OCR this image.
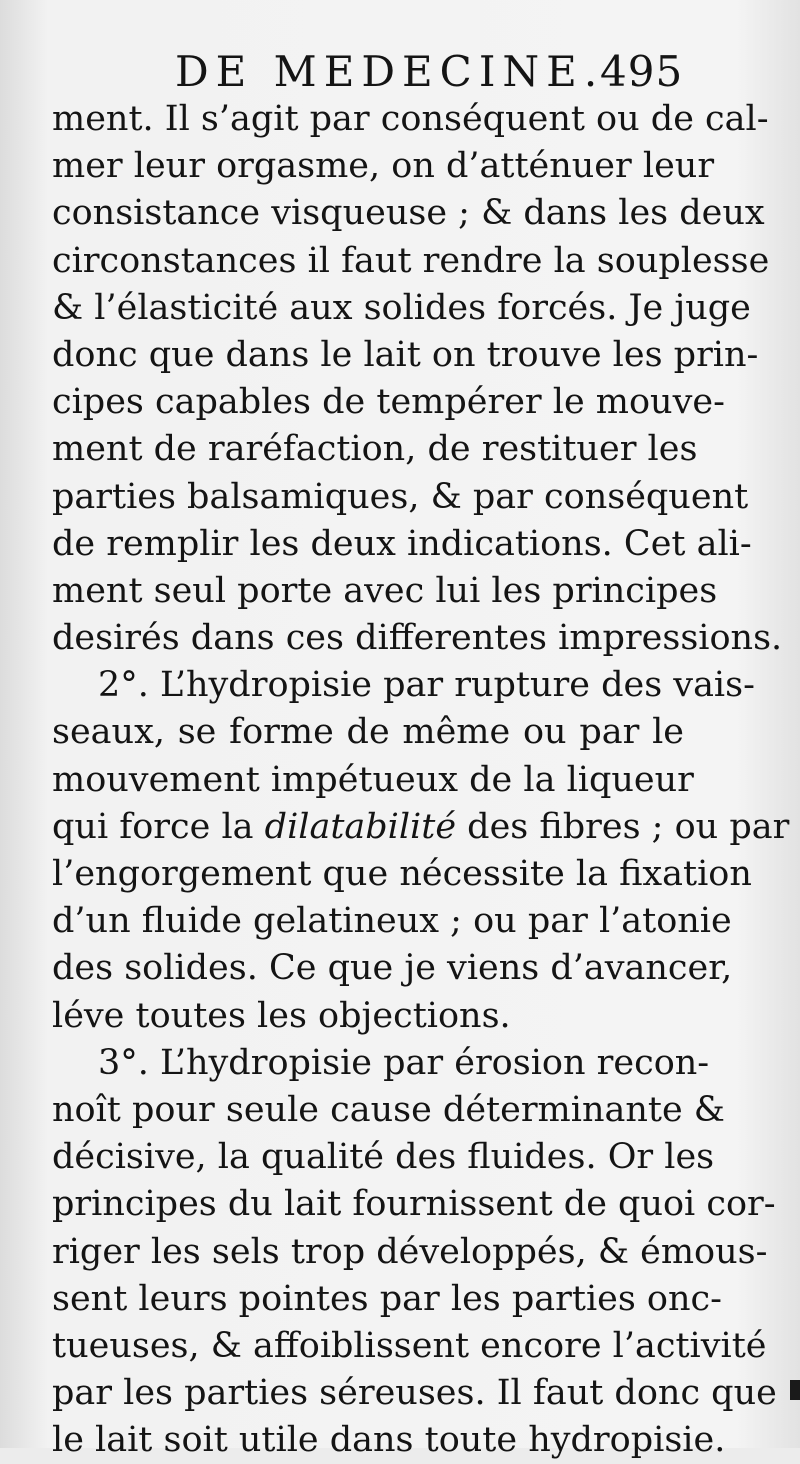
DE MEDECINE.
495
ment. Il s’agit par conséquent ou de cal-
mer leur orgasme, on d’atténuer leur
consistance visqueuse ; & dans les deux
circonstances il faut rendre la souplesse
& l’élasticité aux solides forcés. Je juge
donc que dans le lait on trouve les prin-
cipes capables de tempérer le mouve-
ment de raréfaction, de restituer les
parties balsamiques, & par conséquent
de remplir les deux indications. Cet ali-
ment seul porte avec lui les principes
desirés dans ces differentes impressions.
2°. L’hydropisie par rupture des vais-
seaux, se forme de même ou par le
mouvement impétueux de la liqueur
qui force la dilatabilité des fibres ; ou par
l’engorgement que nécessite la fixation
d’un fluide gelatineux ; ou par l’atonie
des solides. Ce que je viens d’avancer,
léve toutes les objections.
3°. L’hydropisie par érosion recon-
noît pour seule cause déterminante &
décisive, la qualité des fluides. Or les
principes du lait fournissent de quoi cor-
riger les sels trop développés, & émous-
sent leurs pointes par les parties onc-
tueuses, & affoiblissent encore l’activité
par les parties séreuses. Il faut donc que
le lait soit utile dans toute hydropisie.
